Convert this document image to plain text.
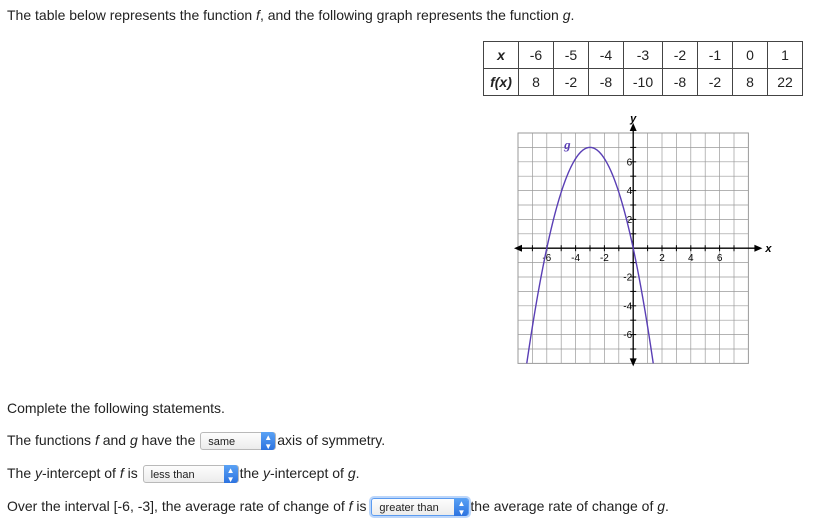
The table below represents the function f, and the following graph represents the function g.
x	-6	-5	-4	-3	-2	-1	0	1
f(x)	8	-2	-8	-10	-8	-2	8	22
-6 -4 -2	2 4 6
6
4
2
-2
-4
-6
x
y
g
Complete the following statements.
The functions f and g have the same	▲
▼ axis of symmetry.
The y-intercept of f is less than	▲
▼ the y-intercept of g.
Over the interval [-6, -3], the average rate of change of f is greater than	▲
▼ the average rate of change of g.
